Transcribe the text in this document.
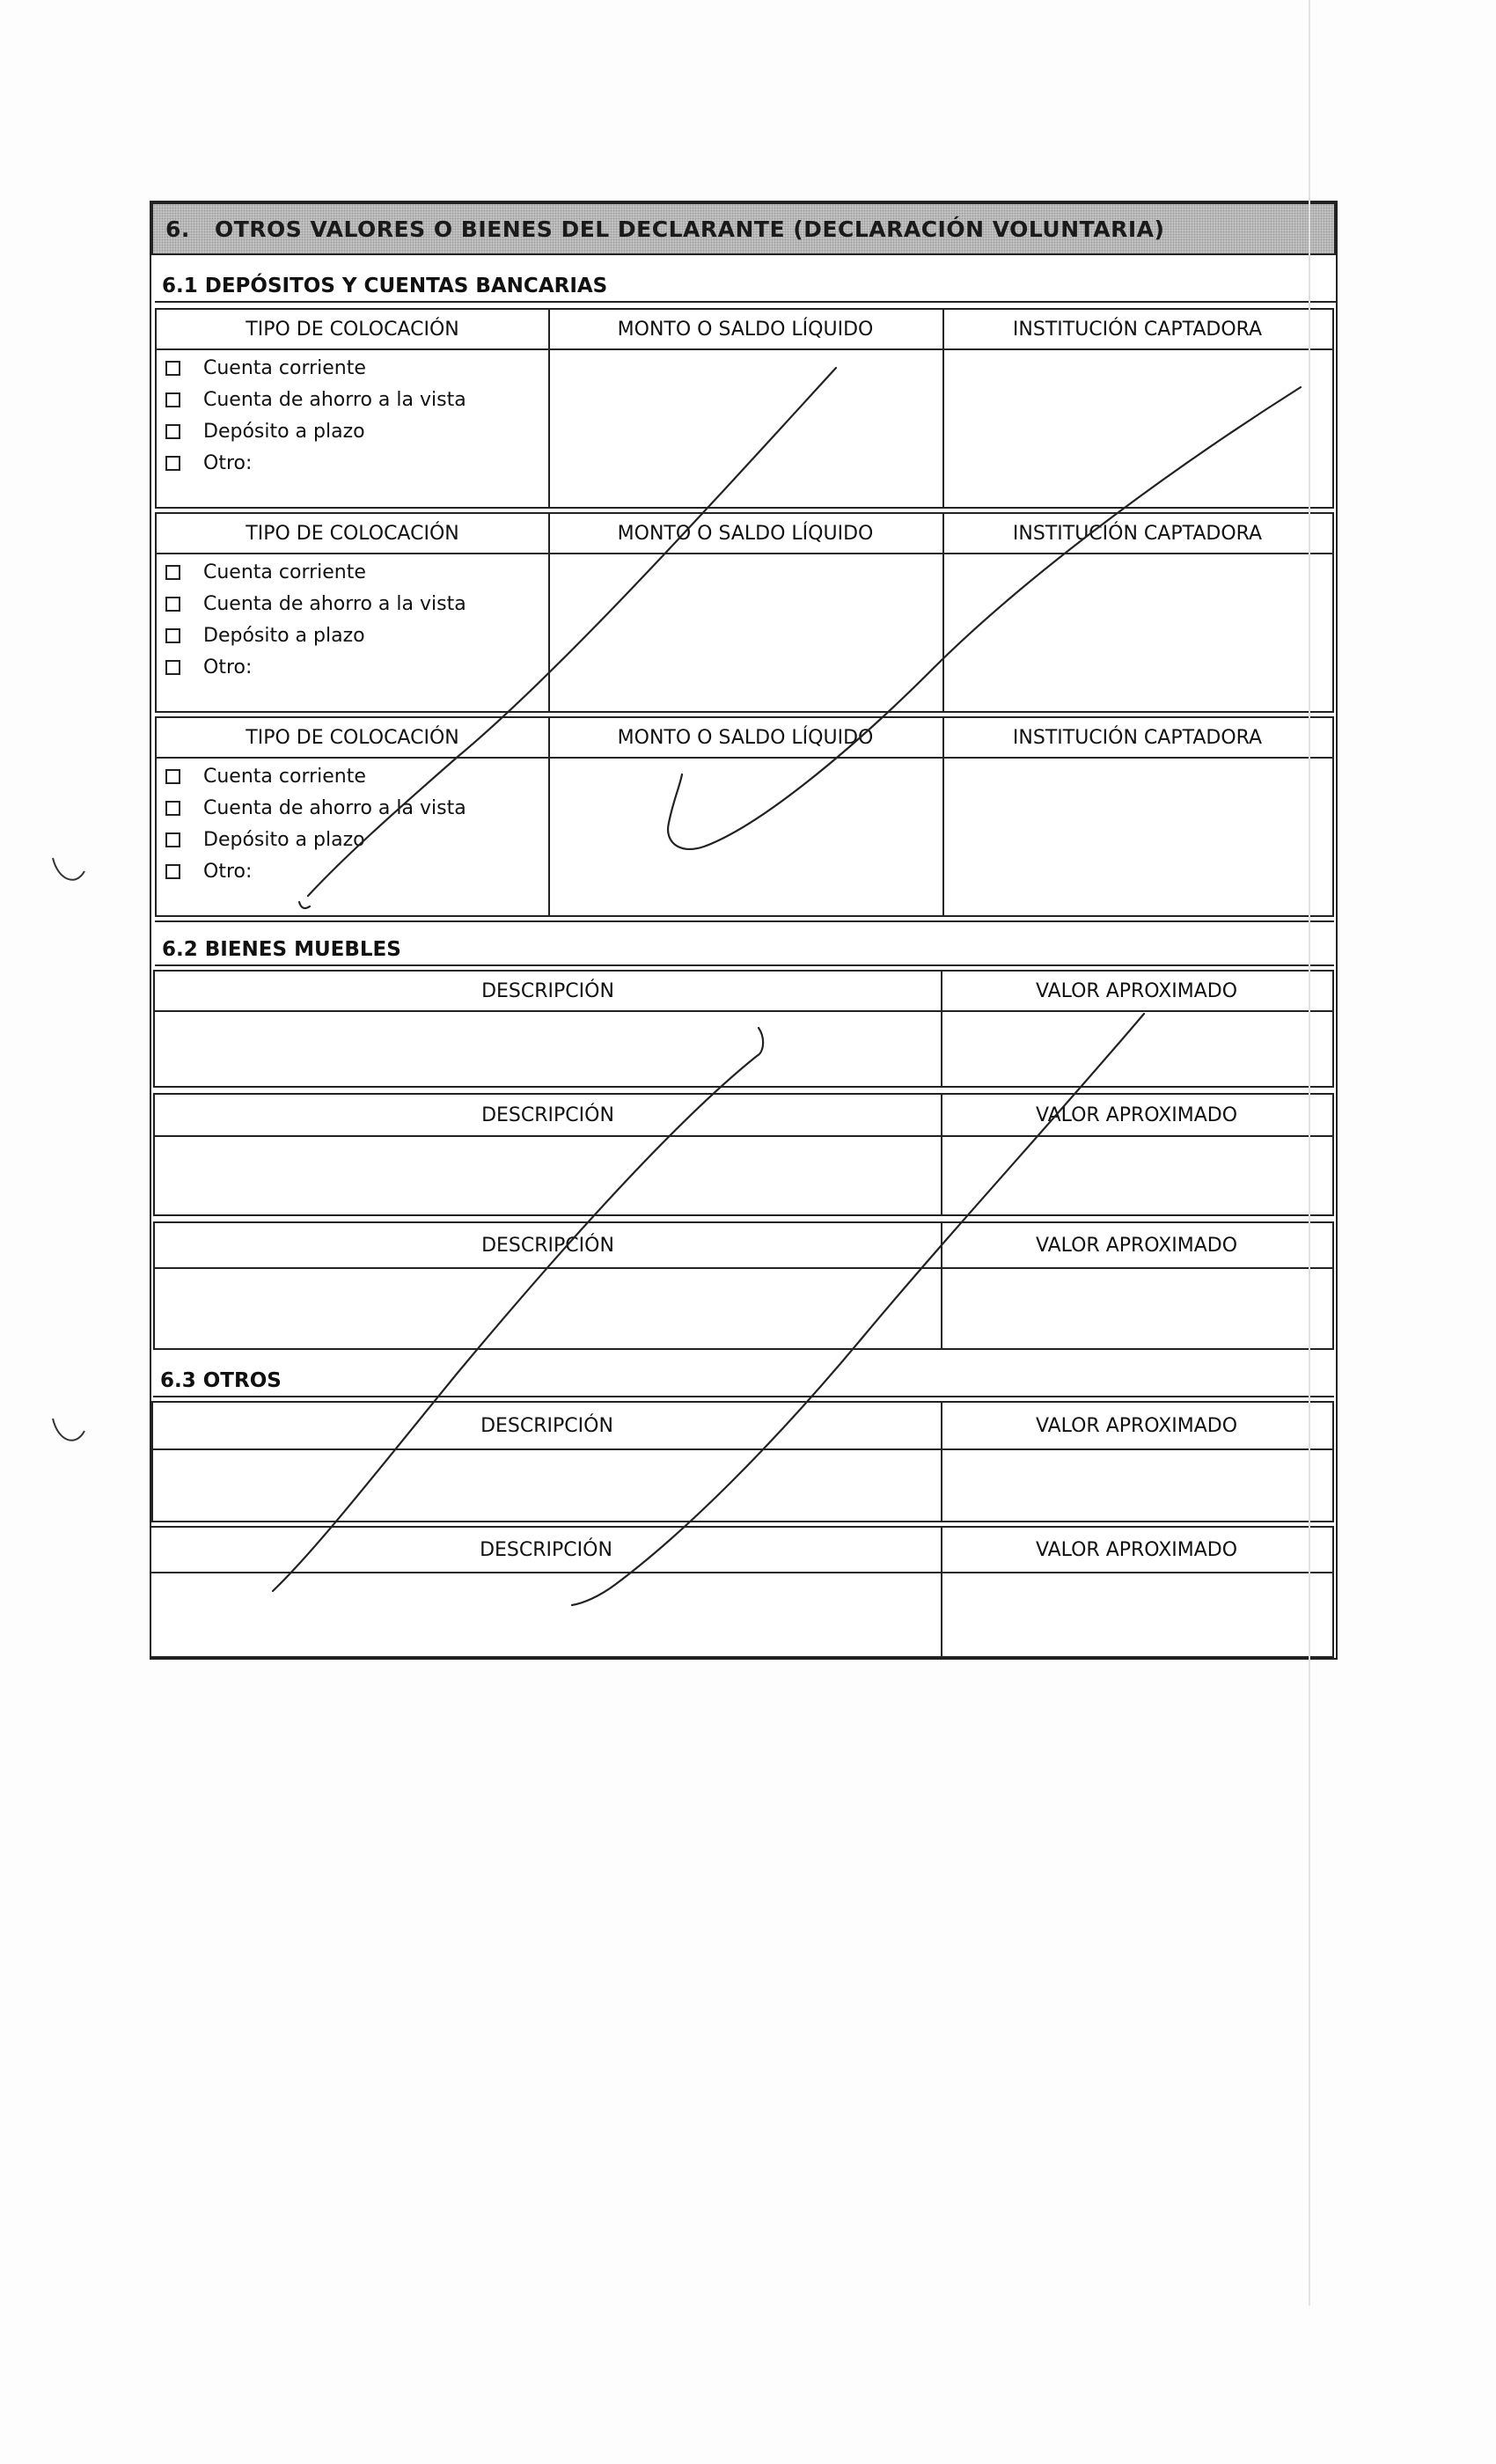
6.	OTROS VALORES O BIENES DEL DECLARANTE (DECLARACIÓN VOLUNTARIA)
6.1 DEPÓSITOS Y CUENTAS BANCARIAS
TIPO DE COLOCACIÓN	MONTO O SALDO LÍQUIDO	INSTITUCIÓN CAPTADORA
Cuenta corriente
Cuenta de ahorro a la vista
Depósito a plazo
Otro:
TIPO DE COLOCACIÓN	MONTO O SALDO LÍQUIDO	INSTITUCIÓN CAPTADORA
Cuenta corriente
Cuenta de ahorro a la vista
Depósito a plazo
Otro:
TIPO DE COLOCACIÓN	MONTO O SALDO LÍQUIDO	INSTITUCIÓN CAPTADORA
Cuenta corriente
Cuenta de ahorro a la vista
Depósito a plazo
Otro:
6.2 BIENES MUEBLES
DESCRIPCIÓN	VALOR APROXIMADO
DESCRIPCIÓN	VALOR APROXIMADO
DESCRIPCIÓN	VALOR APROXIMADO
6.3 OTROS
DESCRIPCIÓN	VALOR APROXIMADO
DESCRIPCIÓN	VALOR APROXIMADO
